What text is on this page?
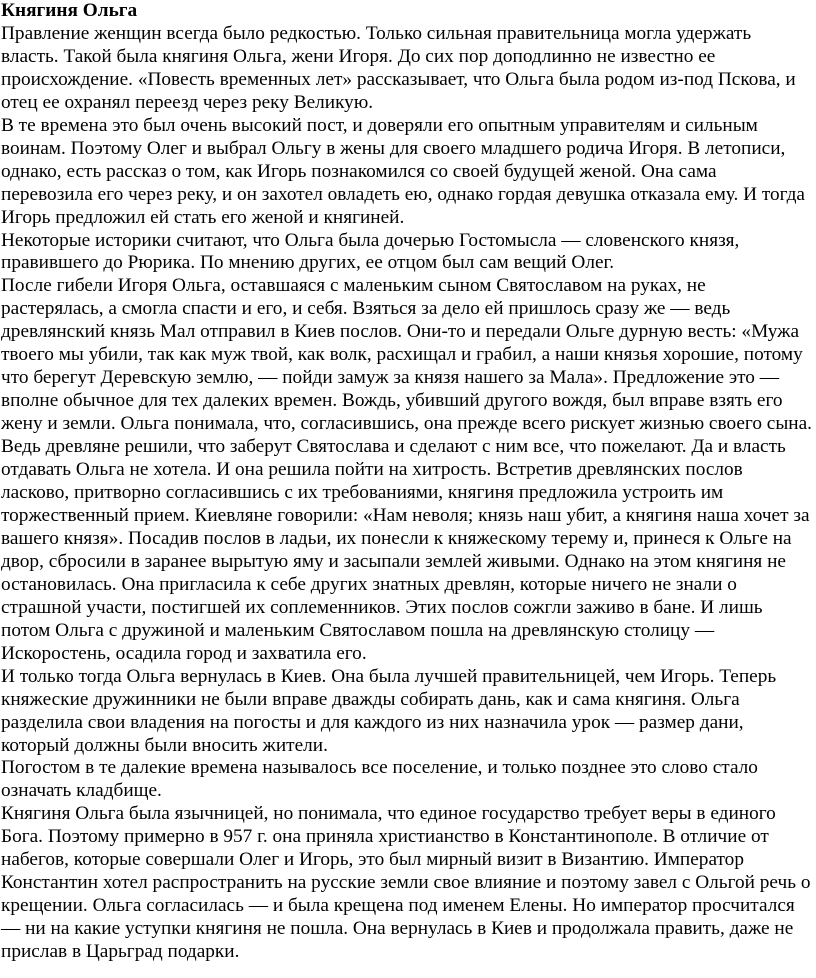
Княгиня Ольга
Правление женщин всегда было редкостью. Только сильная правительница могла удержать власть. Такой была княгиня Ольга, жени Игоря. До сих пор доподлинно не известно ее происхождение. «Повесть временных лет» рассказывает, что Ольга была родом из-под Пскова, и отец ее охранял переезд через реку Великую.
В те времена это был очень высокий пост, и доверяли его опытным управителям и сильным воинам. Поэтому Олег и выбрал Ольгу в жены для своего младшего родича Игоря. В летописи, однако, есть рассказ о том, как Игорь познакомился со своей будущей женой. Она сама перевозила его через реку, и он захотел овладеть ею, однако гордая девушка отказала ему. И тогда Игорь предложил ей стать его женой и княгиней.
Некоторые историки считают, что Ольга была дочерью Гостомысла — словенского князя, правившего до Рюрика. По мнению других, ее отцом был сам вещий Олег.
После гибели Игоря Ольга, оставшаяся с маленьким сыном Святославом на руках, не растерялась, а смогла спасти и его, и себя. Взяться за дело ей пришлось сразу же — ведь древлянский князь Мал отправил в Киев послов. Они-то и передали Ольге дурную весть: «Мужа твоего мы убили, так как муж твой, как волк, расхищал и грабил, а наши князья хорошие, потому что берегут Деревскую землю, — пойди замуж за князя нашего за Мала». Предложение это — вполне обычное для тех далеких времен. Вождь, убивший другого вождя, был вправе взять его жену и земли. Ольга понимала, что, согласившись, она прежде всего рискует жизнью своего сына. Ведь древляне решили, что заберут Святослава и сделают с ним все, что пожелают. Да и власть отдавать Ольга не хотела. И она решила пойти на хитрость. Встретив древлянских послов ласково, притворно согласившись с их требованиями, княгиня предложила устроить им торжественный прием. Киевляне говорили: «Нам неволя; князь наш убит, а княгиня наша хочет за вашего князя». Посадив послов в ладьи, их понесли к княжескому терему и, принеся к Ольге на двор, сбросили в заранее вырытую яму и засыпали землей живыми. Однако на этом княгиня не остановилась. Она пригласила к себе других знатных древлян, которые ничего не знали о страшной участи, постигшей их соплеменников. Этих послов сожгли заживо в бане. И лишь потом Ольга с дружиной и маленьким Святославом пошла на древлянскую столицу — Искоростень, осадила город и захватила его.
И только тогда Ольга вернулась в Киев. Она была лучшей правительницей, чем Игорь. Теперь княжеские дружинники не были вправе дважды собирать дань, как и сама княгиня. Ольга разделила свои владения на погосты и для каждого из них назначила урок — размер дани, который должны были вносить жители.
Погостом в те далекие времена называлось все поселение, и только позднее это слово стало означать кладбище.
Княгиня Ольга была язычницей, но понимала, что единое государство требует веры в единого Бога. Поэтому примерно в 957 г. она приняла христианство в Константинополе. В отличие от набегов, которые совершали Олег и Игорь, это был мирный визит в Византию. Император Константин хотел распространить на русские земли свое влияние и поэтому завел с Ольгой речь о крещении. Ольга согласилась — и была крещена под именем Елены. Но император просчитался — ни на какие уступки княгиня не пошла. Она вернулась в Киев и продолжала править, даже не прислав в Царьград подарки.
